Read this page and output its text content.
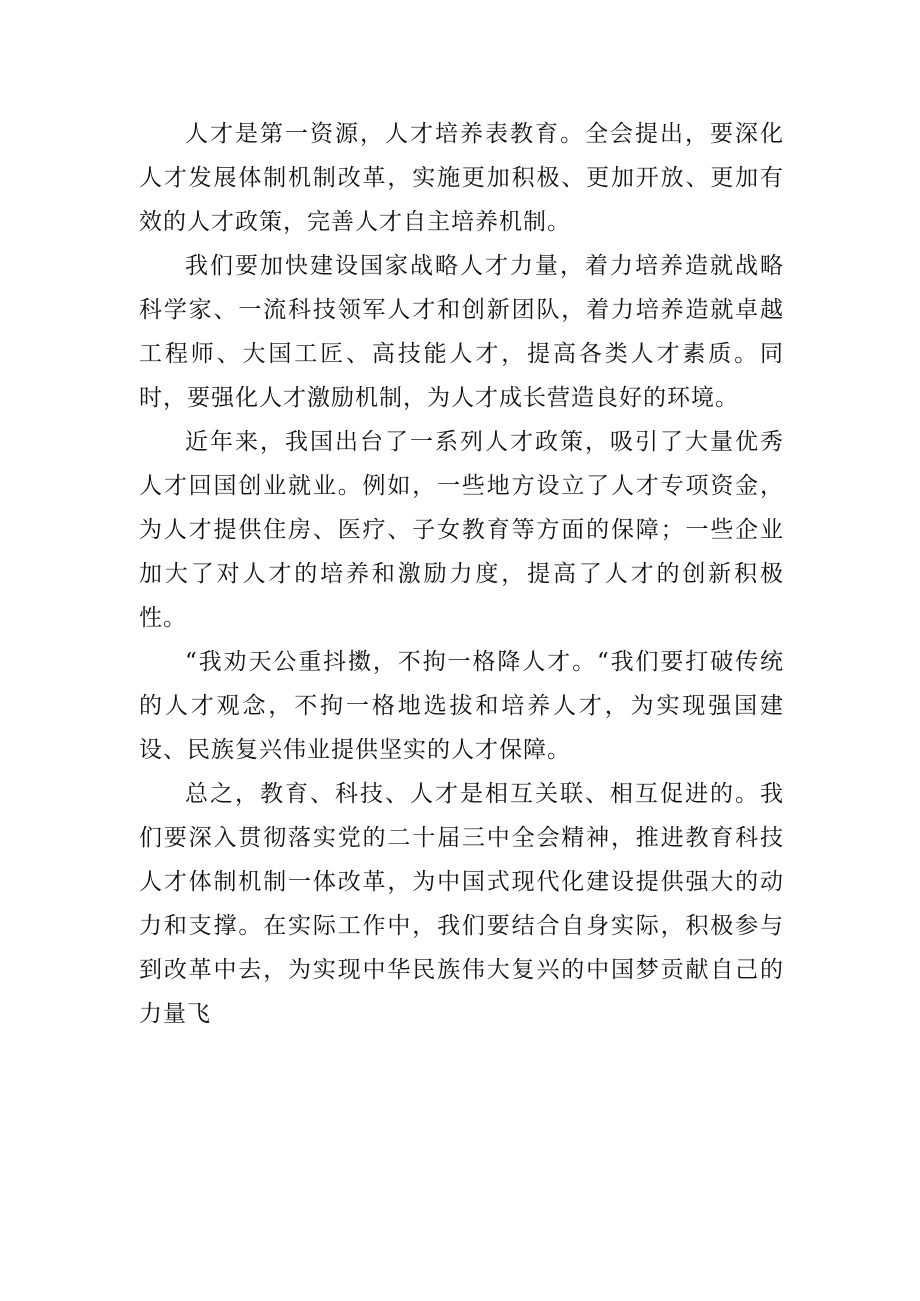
人才是第一资源，人才培养表教育。全会提出，要深化人才发展体制机制改革，实施更加积极、更加开放、更加有效的人才政策，完善人才自主培养机制。

我们要加快建设国家战略人才力量，着力培养造就战略科学家、一流科技领军人才和创新团队，着力培养造就卓越工程师、大国工匠、高技能人才，提高各类人才素质。同时，要强化人才激励机制，为人才成长营造良好的环境。

近年来，我国出台了一系列人才政策，吸引了大量优秀人才回国创业就业。例如，一些地方设立了人才专项资金，为人才提供住房、医疗、子女教育等方面的保障；一些企业加大了对人才的培养和激励力度，提高了人才的创新积极性。

“我劝天公重抖擞，不拘一格降人才。“我们要打破传统的人才观念，不拘一格地选拔和培养人才，为实现强国建设、民族复兴伟业提供坚实的人才保障。

总之，教育、科技、人才是相互关联、相互促进的。我们要深入贯彻落实党的二十届三中全会精神，推进教育科技人才体制机制一体改革，为中国式现代化建设提供强大的动力和支撑。在实际工作中，我们要结合自身实际，积极参与到改革中去，为实现中华民族伟大复兴的中国梦贡献自己的力量飞
